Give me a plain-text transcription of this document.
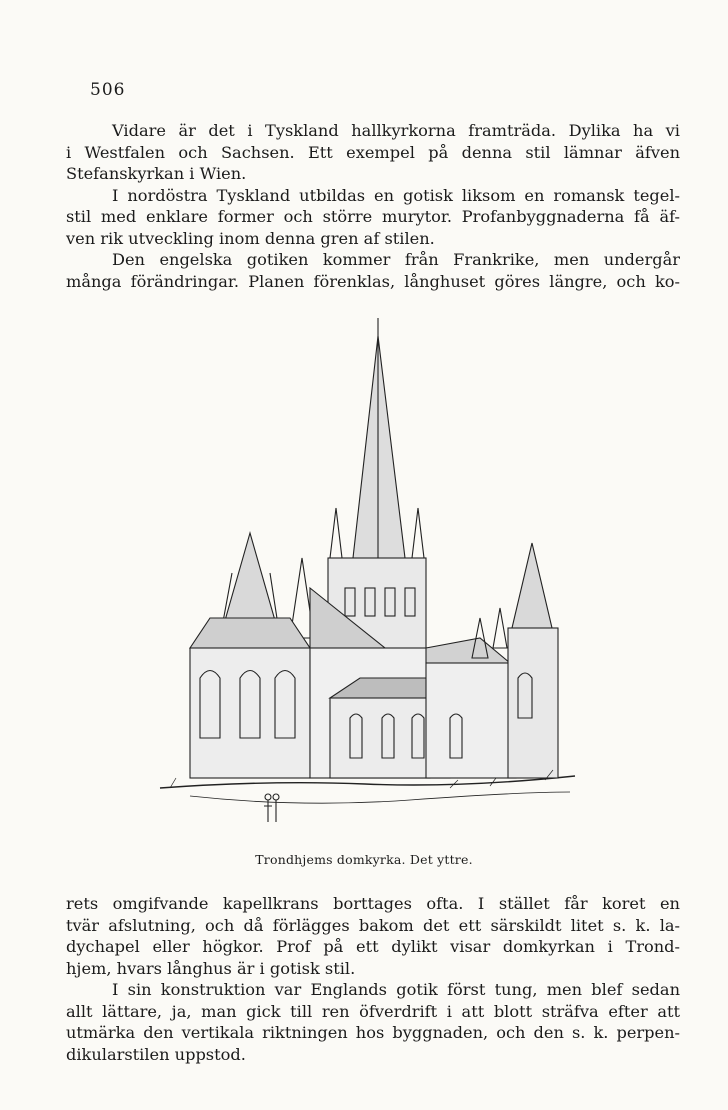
506

Vidare är det i Tyskland hallkyrkorna framträda. Dylika ha vi

i Westfalen och Sachsen. Ett exempel på denna stil lämnar äfven

Stefanskyrkan i Wien.

I nordöstra Tyskland utbildas en gotisk liksom en romansk tegel-

stil med enklare former och större murytor. Profanbyggnaderna få äf-

ven rik utveckling inom denna gren af stilen.

Den engelska gotiken kommer från Frankrike, men undergår

många förändringar. Planen förenklas, långhuset göres längre, och ko-

Trondhjems domkyrka. Det yttre.

rets omgifvande kapellkrans borttages ofta. I stället får koret en

tvär afslutning, och då förlägges bakom det ett särskildt litet s. k. la-

dychapel eller högkor. Prof på ett dylikt visar domkyrkan i Trond-

hjem, hvars långhus är i gotisk stil.

I sin konstruktion var Englands gotik först tung, men blef sedan

allt lättare, ja, man gick till ren öfverdrift i att blott sträfva efter att

utmärka den vertikala riktningen hos byggnaden, och den s. k. perpen-

dikularstilen uppstod.
